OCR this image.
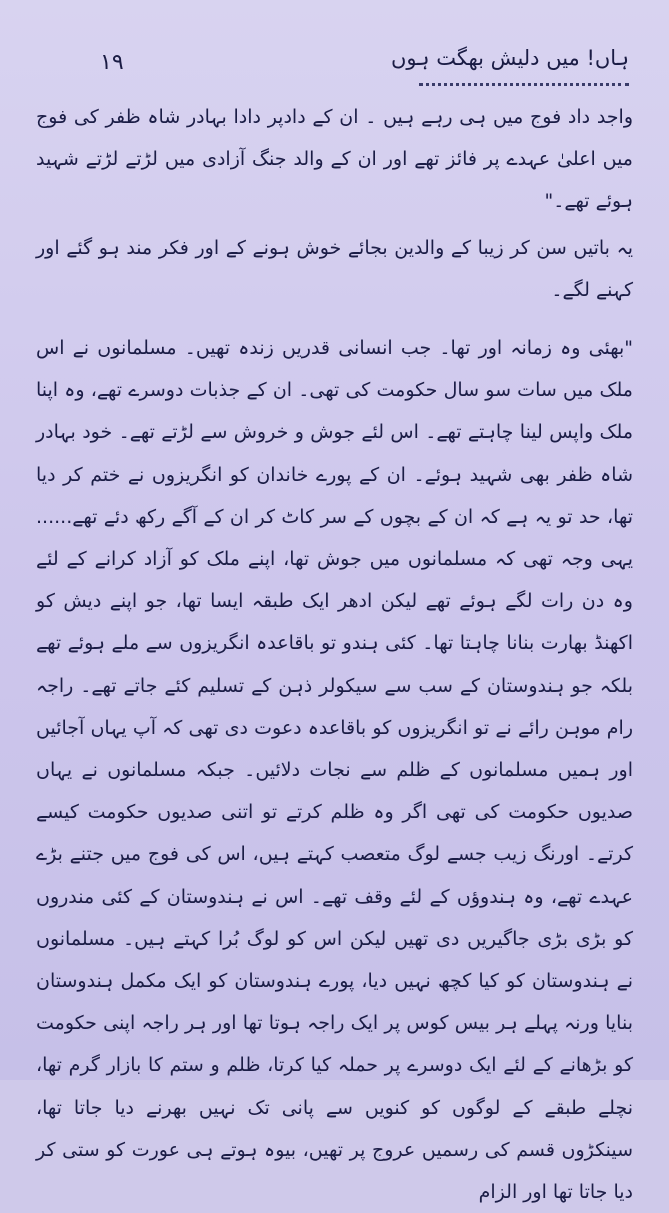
ہاں! میں دلیش بھگت ہوں
۱۹

واجد داد فوج میں ہی رہے ہیں ۔ ان کے دادپر دادا بہادر شاہ ظفر کی فوج میں اعلیٰ عہدے پر فائز تھے اور ان کے والد جنگ آزادی میں لڑتے لڑتے شہید ہوئے تھے۔"

یہ باتیں سن کر زیبا کے والدین بجائے خوش ہونے کے اور فکر مند ہو گئے اور کہنے لگے۔

"بھئی وہ زمانہ اور تھا۔ جب انسانی قدریں زندہ تھیں۔ مسلمانوں نے اس ملک میں سات سو سال حکومت کی تھی۔ ان کے جذبات دوسرے تھے، وہ اپنا ملک واپس لینا چاہتے تھے۔ اس لئے جوش و خروش سے لڑتے تھے۔ خود بہادر شاہ ظفر بھی شہید ہوئے۔ ان کے پورے خاندان کو انگریزوں نے ختم کر دیا تھا، حد تو یہ ہے کہ ان کے بچوں کے سر کاٹ کر ان کے آگے رکھ دئے تھے...... یہی وجہ تھی کہ مسلمانوں میں جوش تھا، اپنے ملک کو آزاد کرانے کے لئے وہ دن رات لگے ہوئے تھے لیکن ادھر ایک طبقہ ایسا تھا، جو اپنے دیش کو اکھنڈ بھارت بنانا چاہتا تھا۔ کئی ہندو تو باقاعدہ انگریزوں سے ملے ہوئے تھے بلکہ جو ہندوستان کے سب سے سیکولر ذہن کے تسلیم کئے جاتے تھے۔ راجہ رام موہن رائے نے تو انگریزوں کو باقاعدہ دعوت دی تھی کہ آپ یہاں آجائیں اور ہمیں مسلمانوں کے ظلم سے نجات دلائیں۔ جبکہ مسلمانوں نے یہاں صدیوں حکومت کی تھی اگر وہ ظلم کرتے تو اتنی صدیوں حکومت کیسے کرتے۔ اورنگ زیب جسے لوگ متعصب کہتے ہیں، اس کی فوج میں جتنے بڑے عہدے تھے، وہ ہندوؤں کے لئے وقف تھے۔ اس نے ہندوستان کے کئی مندروں کو بڑی بڑی جاگیریں دی تھیں لیکن اس کو لوگ بُرا کہتے ہیں۔ مسلمانوں نے ہندوستان کو کیا کچھ نہیں دیا، پورے ہندوستان کو ایک مکمل ہندوستان بنایا ورنہ پہلے ہر بیس کوس پر ایک راجہ ہوتا تھا اور ہر راجہ اپنی حکومت کو بڑھانے کے لئے ایک دوسرے پر حملہ کیا کرتا، ظلم و ستم کا بازار گرم تھا، نچلے طبقے کے لوگوں کو کنویں سے پانی تک نہیں بھرنے دیا جاتا تھا، سینکڑوں قسم کی رسمیں عروج پر تھیں، بیوہ ہوتے ہی عورت کو ستی کر دیا جاتا تھا اور الزام
